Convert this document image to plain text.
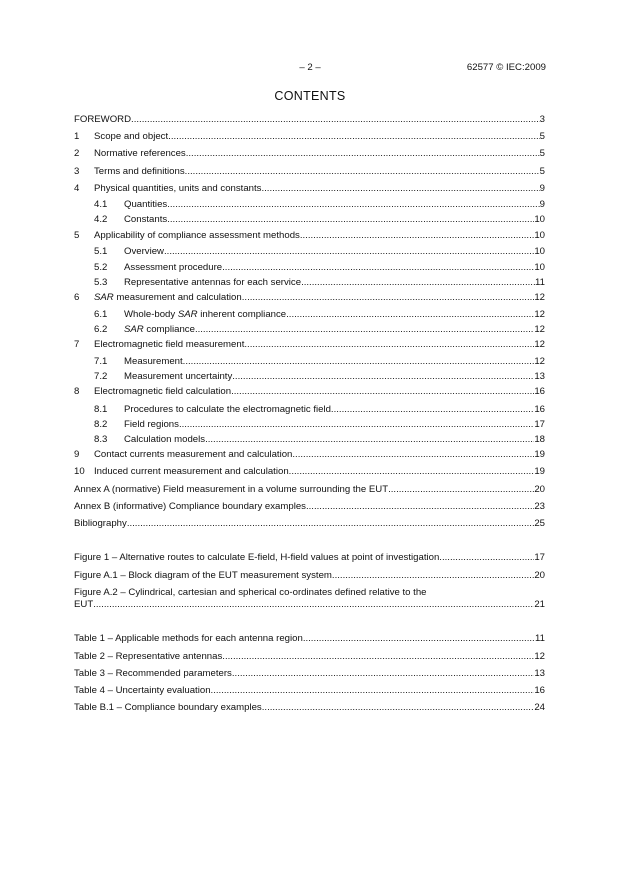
– 2 –	62577 © IEC:2009
CONTENTS
FOREWORD .....	3
1	Scope and object .....	5
2	Normative references .....	5
3	Terms and definitions .....	5
4	Physical quantities, units and constants .....	9
4.1	Quantities .....	9
4.2	Constants .....	10
5	Applicability of compliance assessment methods .....	10
5.1	Overview .....	10
5.2	Assessment procedure .....	10
5.3	Representative antennas for each service .....	11
6	SAR measurement and calculation .....	12
6.1	Whole-body SAR inherent compliance .....	12
6.2	SAR compliance .....	12
7	Electromagnetic field measurement .....	12
7.1	Measurement .....	12
7.2	Measurement uncertainty .....	13
8	Electromagnetic field calculation .....	16
8.1	Procedures to calculate the electromagnetic field .....	16
8.2	Field regions .....	17
8.3	Calculation models .....	18
9	Contact currents measurement and calculation .....	19
10 Induced current measurement and calculation .....	19
Annex A (normative) Field measurement in a volume surrounding the EUT .....	20
Annex B (informative) Compliance boundary examples .....	23
Bibliography .....	25
Figure 1 – Alternative routes to calculate E-field, H-field values at point of investigation .....	17
Figure A.1 – Block diagram of the EUT measurement system .....	20
Figure A.2 – Cylindrical, cartesian and spherical co-ordinates defined relative to the
EUT .....	21
Table 1 – Applicable methods for each antenna region .....	11
Table 2 – Representative antennas .....	12
Table 3 – Recommended parameters .....	13
Table 4 – Uncertainty evaluation .....	16
Table B.1 – Compliance boundary examples .....	24
